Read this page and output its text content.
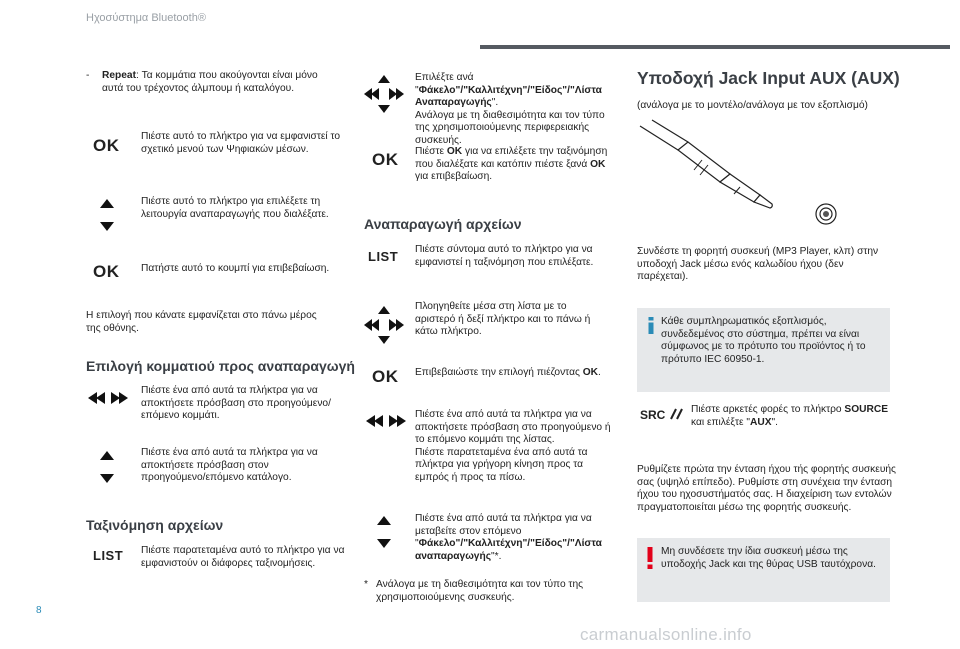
Ηχοσύστημα Bluetooth®
- Repeat: Τα κομμάτια που ακούγονται είναι μόνο αυτά του τρέχοντος άλμπουμ ή καταλόγου.
OK Πιέστε αυτό το πλήκτρο για να εμφανιστεί το σχετικό μενού των Ψηφιακών μέσων.
Πιέστε αυτό το πλήκτρο για επιλέξετε τη λειτουργία αναπαραγωγής που διαλέξατε.
OK Πατήστε αυτό το κουμπί για επιβεβαίωση.
Η επιλογή που κάνατε εμφανίζεται στο πάνω μέρος της οθόνης.
Επιλογή κομματιού προς αναπαραγωγή
Πιέστε ένα από αυτά τα πλήκτρα για να αποκτήσετε πρόσβαση στο προηγούμενο/επόμενο κομμάτι.
Πιέστε ένα από αυτά τα πλήκτρα για να αποκτήσετε πρόσβαση στον προηγούμενο/επόμενο κατάλογο.
Ταξινόμηση αρχείων
LIST Πιέστε παρατεταμένα αυτό το πλήκτρο για να εμφανιστούν οι διάφορες ταξινομήσεις.
Επιλέξτε ανά "Φάκελο"/"Καλλιτέχνη"/"Είδος"/"Λίστα Αναπαραγωγής".
Ανάλογα με τη διαθεσιμότητα και τον τύπο της χρησιμοποιούμενης περιφερειακής συσκευής.
OK Πιέστε OK για να επιλέξετε την ταξινόμηση που διαλέξατε και κατόπιν πιέστε ξανά OK για επιβεβαίωση.
Αναπαραγωγή αρχείων
LIST Πιέστε σύντομα αυτό το πλήκτρο για να εμφανιστεί η ταξινόμηση που επιλέξατε.
Πλοηγηθείτε μέσα στη λίστα με το αριστερό ή δεξί πλήκτρο και το πάνω ή κάτω πλήκτρο.
OK Επιβεβαιώστε την επιλογή πιέζοντας OK.
Πιέστε ένα από αυτά τα πλήκτρα για να αποκτήσετε πρόσβαση στο προηγούμενο ή το επόμενο κομμάτι της λίστας.
Πιέστε παρατεταμένα ένα από αυτά τα πλήκτρα για γρήγορη κίνηση προς τα εμπρός ή προς τα πίσω.
Πιέστε ένα από αυτά τα πλήκτρα για να μεταβείτε στον επόμενο "Φάκελο"/"Καλλιτέχνη"/"Είδος"/"Λίστα αναπαραγωγής"*.
* Ανάλογα με τη διαθεσιμότητα και τον τύπο της χρησιμοποιούμενης συσκευής.
Υποδοχή Jack Input AUX (AUX)
(ανάλογα με το μοντέλο/ανάλογα με τον εξοπλισμό)
Συνδέστε τη φορητή συσκευή (MP3 Player, κλπ) στην υποδοχή Jack μέσω ενός καλωδίου ήχου (δεν παρέχεται).
Κάθε συμπληρωματικός εξοπλισμός, συνδεδεμένος στο σύστημα, πρέπει να είναι σύμφωνος με το πρότυπο του προϊόντος ή το πρότυπο IEC 60950-1.
SRC	Πιέστε αρκετές φορές το πλήκτρο SOURCE και επιλέξτε "AUX".
Ρυθμίζετε πρώτα την ένταση ήχου τής φορητής συσκευής σας (υψηλό επίπεδο). Ρυθμίστε στη συνέχεια την ένταση ήχου του ηχοσυστήματός σας. Η διαχείριση των εντολών πραγματοποιείται μέσω της φορητής συσκευής.
Μη συνδέσετε την ίδια συσκευή μέσω της υποδοχής Jack και της θύρας USB ταυτόχρονα.
8
carmanualsonline.info
